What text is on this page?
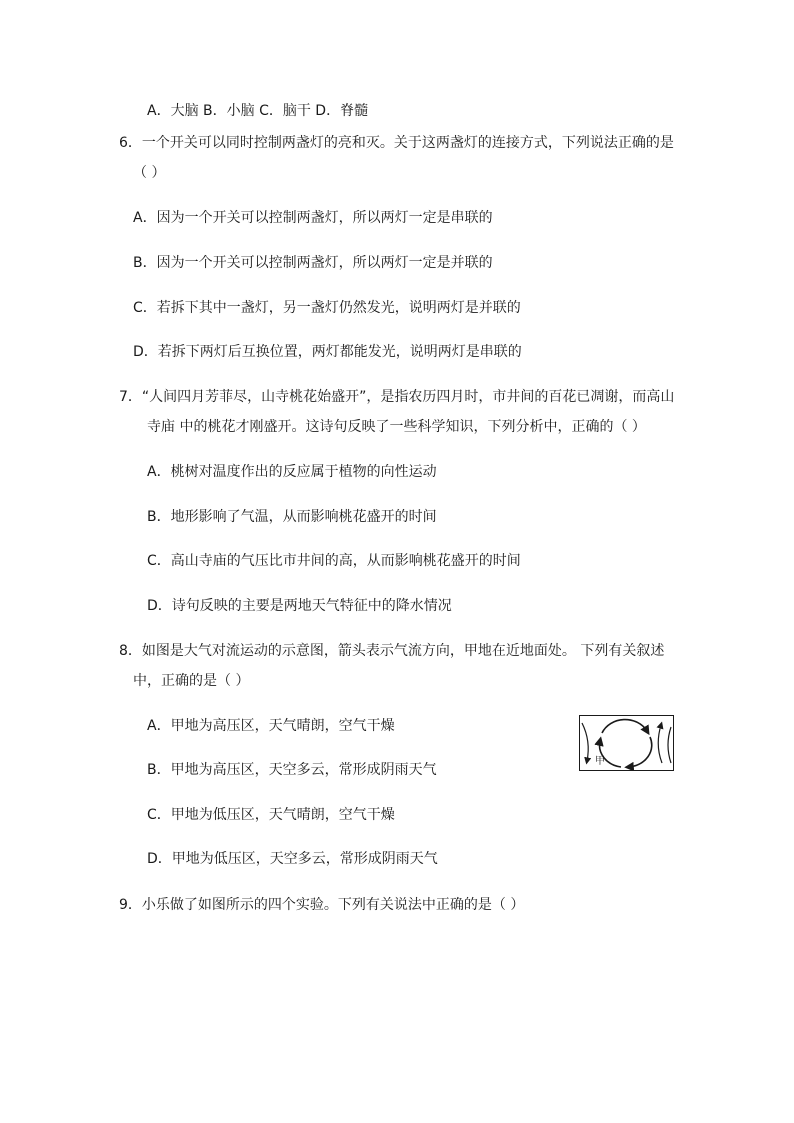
A．大脑 B．小脑 C．脑干 D．脊髓
6．一个开关可以同时控制两盏灯的亮和灭。关于这两盏灯的连接方式，下列说法正确的是
（ ）
A．因为一个开关可以控制两盏灯，所以两灯一定是串联的
B．因为一个开关可以控制两盏灯，所以两灯一定是并联的
C．若拆下其中一盏灯，另一盏灯仍然发光，说明两灯是并联的
D．若拆下两灯后互换位置，两灯都能发光，说明两灯是串联的
7．“人间四月芳菲尽，山寺桃花始盛开”，是指农历四月时，市井间的百花已凋谢，而高山
寺庙 中的桃花才刚盛开。这诗句反映了一些科学知识，下列分析中，正确的（ ）
A．桃树对温度作出的反应属于植物的向性运动
B．地形影响了气温，从而影响桃花盛开的时间
C．高山寺庙的气压比市井间的高，从而影响桃花盛开的时间
D．诗句反映的主要是两地天气特征中的降水情况
8．如图是大气对流运动的示意图，箭头表示气流方向，甲地在近地面处。 下列有关叙述
中，正确的是（ ）
A．甲地为高压区，天气晴朗，空气干燥
B．甲地为高压区，天空多云，常形成阴雨天气
C．甲地为低压区，天气晴朗，空气干燥
D．甲地为低压区，天空多云，常形成阴雨天气
9．小乐做了如图所示的四个实验。下列有关说法中正确的是（ ）
甲
